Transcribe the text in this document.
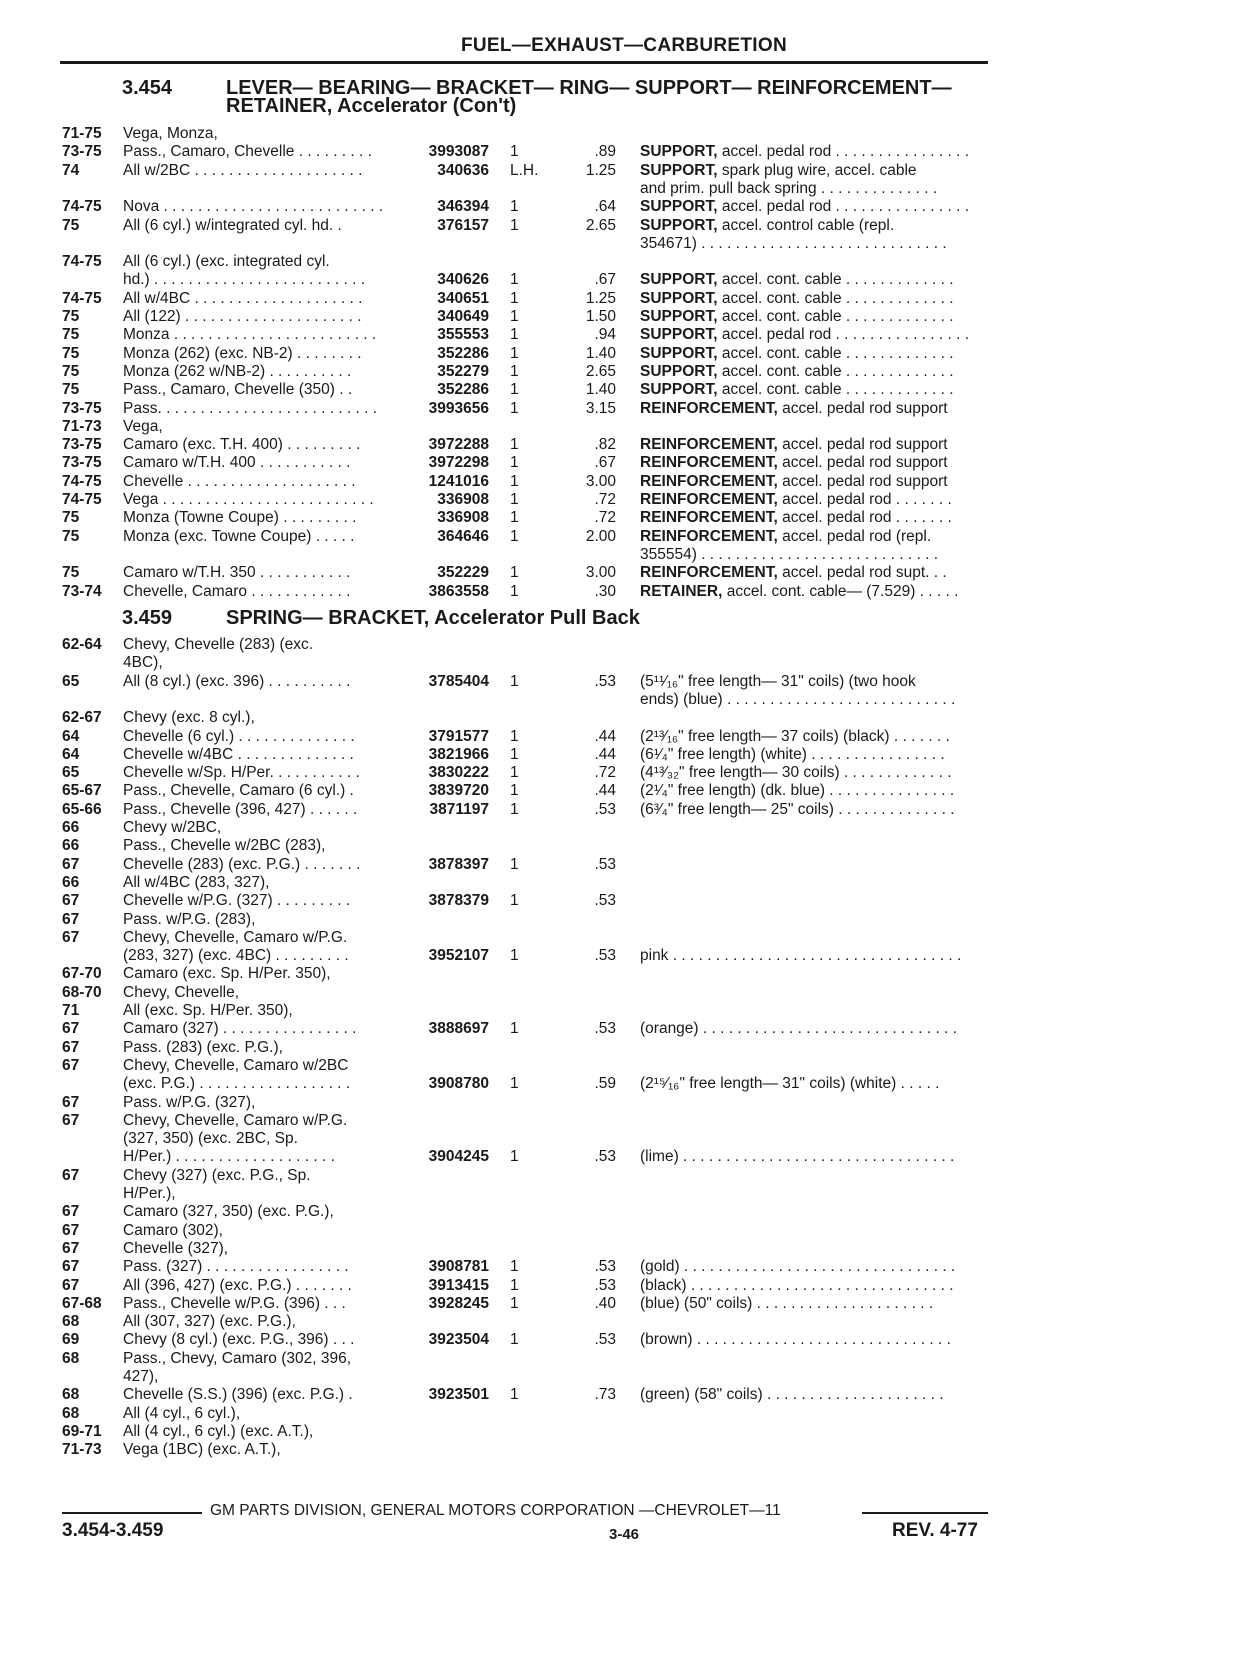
FUEL—EXHAUST—CARBURETION
3.454	LEVER— BEARING— BRACKET— RING— SUPPORT— REINFORCEMENT—
RETAINER, Accelerator (Con't)
71-75 Vega, Monza,
73-75 Pass., Camaro, Chevelle . . . . . . . . .	3993087 1	.89 SUPPORT, accel. pedal rod . . . . . . . . . . . . . . . .
74	All w/2BC . . . . . . . . . . . . . . . . . . . .	340636 L.H.	1.25 SUPPORT, spark plug wire, accel. cable
and prim. pull back spring . . . . . . . . . . . . . .
74-75 Nova . . . . . . . . . . . . . . . . . . . . . . . . . .	346394 1	.64 SUPPORT, accel. pedal rod . . . . . . . . . . . . . . . .
75	All (6 cyl.) w/integrated cyl. hd. .	376157 1	2.65 SUPPORT, accel. control cable (repl.
354671) . . . . . . . . . . . . . . . . . . . . . . . . . . . . .
74-75 All (6 cyl.) (exc. integrated cyl.
hd.) . . . . . . . . . . . . . . . . . . . . . . . . .	340626 1	.67 SUPPORT, accel. cont. cable . . . . . . . . . . . . .
74-75 All w/4BC . . . . . . . . . . . . . . . . . . . .	340651 1	1.25 SUPPORT, accel. cont. cable . . . . . . . . . . . . .
75	All (122) . . . . . . . . . . . . . . . . . . . . .	340649 1	1.50 SUPPORT, accel. cont. cable . . . . . . . . . . . . .
75	Monza . . . . . . . . . . . . . . . . . . . . . . . .	355553 1	.94 SUPPORT, accel. pedal rod . . . . . . . . . . . . . . . .
75	Monza (262) (exc. NB-2) . . . . . . . .	352286 1	1.40 SUPPORT, accel. cont. cable . . . . . . . . . . . . .
75	Monza (262 w/NB-2) . . . . . . . . . .	352279 1	2.65 SUPPORT, accel. cont. cable . . . . . . . . . . . . .
75	Pass., Camaro, Chevelle (350) . .	352286 1	1.40 SUPPORT, accel. cont. cable . . . . . . . . . . . . .
73-75 Pass. . . . . . . . . . . . . . . . . . . . . . . . . .	3993656 1	3.15 REINFORCEMENT, accel. pedal rod support
71-73 Vega,
73-75 Camaro (exc. T.H. 400) . . . . . . . . .	3972288 1	.82 REINFORCEMENT, accel. pedal rod support
73-75 Camaro w/T.H. 400 . . . . . . . . . . .	3972298 1	.67 REINFORCEMENT, accel. pedal rod support
74-75 Chevelle . . . . . . . . . . . . . . . . . . . .	1241016 1	3.00 REINFORCEMENT, accel. pedal rod support
74-75 Vega . . . . . . . . . . . . . . . . . . . . . . . . .	336908 1	.72 REINFORCEMENT, accel. pedal rod . . . . . . .
75	Monza (Towne Coupe) . . . . . . . . .	336908 1	.72 REINFORCEMENT, accel. pedal rod . . . . . . .
75	Monza (exc. Towne Coupe) . . . . .	364646 1	2.00 REINFORCEMENT, accel. pedal rod (repl.
355554) . . . . . . . . . . . . . . . . . . . . . . . . . . . .
75	Camaro w/T.H. 350 . . . . . . . . . . .	352229 1	3.00 REINFORCEMENT, accel. pedal rod supt. . .
73-74 Chevelle, Camaro . . . . . . . . . . . .	3863558 1	.30 RETAINER, accel. cont. cable— (7.529) . . . . .
3.459	SPRING— BRACKET, Accelerator Pull Back
62-64 Chevy, Chevelle (283) (exc.
4BC),
65	All (8 cyl.) (exc. 396) . . . . . . . . . .	3785404 1	.53 (5¹¹⁄₁₆" free length— 31" coils) (two hook
ends) (blue) . . . . . . . . . . . . . . . . . . . . . . . . . . .
62-67 Chevy (exc. 8 cyl.),
64	Chevelle (6 cyl.) . . . . . . . . . . . . . .	3791577 1	.44 (2¹³⁄₁₆" free length— 37 coils) (black) . . . . . . .
64	Chevelle w/4BC . . . . . . . . . . . . . .	3821966 1	.44 (6¹⁄₄" free length) (white) . . . . . . . . . . . . . . . .
65	Chevelle w/Sp. H/Per. . . . . . . . . . .	3830222 1	.72 (4¹³⁄₃₂" free length— 30 coils) . . . . . . . . . . . . .
65-67 Pass., Chevelle, Camaro (6 cyl.) .	3839720 1	.44 (2¹⁄₄" free length) (dk. blue) . . . . . . . . . . . . . . .
65-66 Pass., Chevelle (396, 427) . . . . . .	3871197 1	.53 (6³⁄₄" free length— 25" coils) . . . . . . . . . . . . . .
66	Chevy w/2BC,
66	Pass., Chevelle w/2BC (283),
67	Chevelle (283) (exc. P.G.) . . . . . . .	3878397 1	.53
66	All w/4BC (283, 327),
67	Chevelle w/P.G. (327) . . . . . . . . .	3878379 1	.53
67	Pass. w/P.G. (283),
67	Chevy, Chevelle, Camaro w/P.G.
(283, 327) (exc. 4BC) . . . . . . . . .	3952107 1	.53 pink . . . . . . . . . . . . . . . . . . . . . . . . . . . . . . . . . .
67-70 Camaro (exc. Sp. H/Per. 350),
68-70 Chevy, Chevelle,
71	All (exc. Sp. H/Per. 350),
67	Camaro (327) . . . . . . . . . . . . . . . .	3888697 1	.53 (orange) . . . . . . . . . . . . . . . . . . . . . . . . . . . . . .
67	Pass. (283) (exc. P.G.),
67	Chevy, Chevelle, Camaro w/2BC
(exc. P.G.) . . . . . . . . . . . . . . . . . .	3908780 1	.59 (2¹⁵⁄₁₆" free length— 31" coils) (white) . . . . .
67	Pass. w/P.G. (327),
67	Chevy, Chevelle, Camaro w/P.G.
(327, 350) (exc. 2BC, Sp.
H/Per.) . . . . . . . . . . . . . . . . . . .	3904245 1	.53 (lime) . . . . . . . . . . . . . . . . . . . . . . . . . . . . . . . .
67	Chevy (327) (exc. P.G., Sp.
H/Per.),
67	Camaro (327, 350) (exc. P.G.),
67	Camaro (302),
67	Chevelle (327),
67	Pass. (327) . . . . . . . . . . . . . . . . .	3908781 1	.53 (gold) . . . . . . . . . . . . . . . . . . . . . . . . . . . . . . . .
67	All (396, 427) (exc. P.G.) . . . . . . .	3913415 1	.53 (black) . . . . . . . . . . . . . . . . . . . . . . . . . . . . . . .
67-68 Pass., Chevelle w/P.G. (396) . . .	3928245 1	.40 (blue) (50" coils) . . . . . . . . . . . . . . . . . . . . .
68	All (307, 327) (exc. P.G.),
69	Chevy (8 cyl.) (exc. P.G., 396) . . .	3923504 1	.53 (brown) . . . . . . . . . . . . . . . . . . . . . . . . . . . . . .
68	Pass., Chevy, Camaro (302, 396,
427),
68	Chevelle (S.S.) (396) (exc. P.G.) .	3923501 1	.73 (green) (58" coils) . . . . . . . . . . . . . . . . . . . . .
68	All (4 cyl., 6 cyl.),
69-71 All (4 cyl., 6 cyl.) (exc. A.T.),
71-73 Vega (1BC) (exc. A.T.),
GM PARTS DIVISION, GENERAL MOTORS CORPORATION —CHEVROLET—11
3.454-3.459	3-46	REV. 4-77
